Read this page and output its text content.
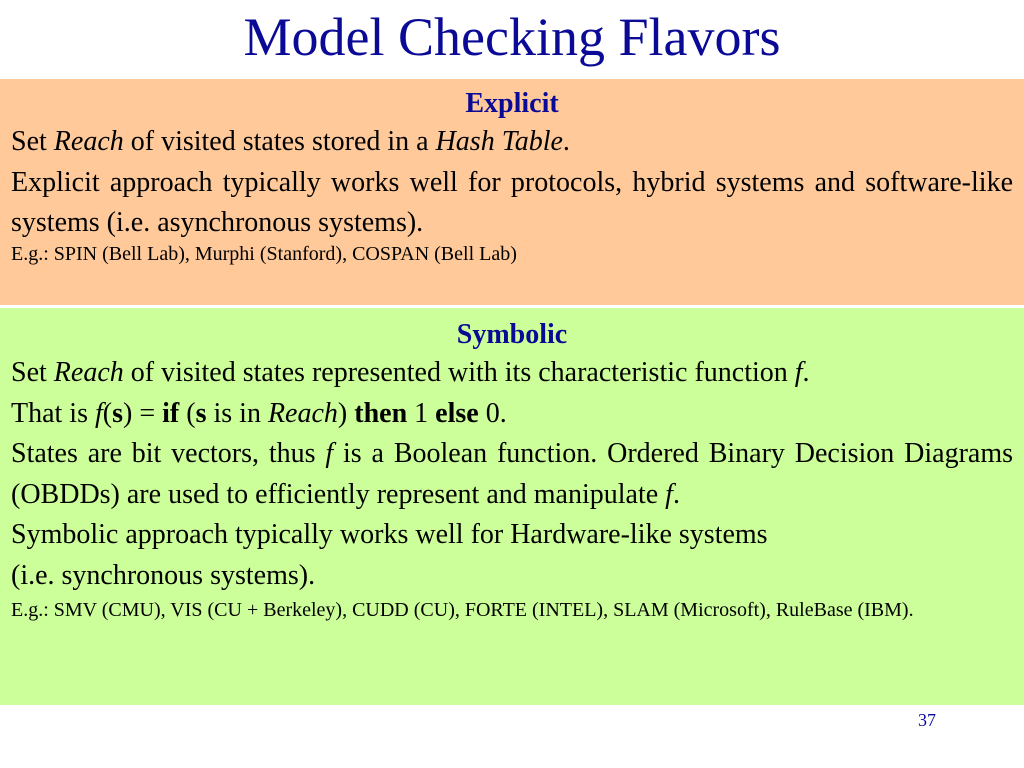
Model Checking Flavors
Explicit
Set Reach of visited states stored in a Hash Table.
Explicit approach typically works well for protocols, hybrid systems and software-like systems (i.e. asynchronous systems).
E.g.: SPIN (Bell Lab), Murphi (Stanford), COSPAN (Bell Lab)
Symbolic
Set Reach of visited states represented with its characteristic function f.
That is f(s) = if (s is in Reach) then 1 else 0.
States are bit vectors, thus f is a Boolean function. Ordered Binary Decision Diagrams (OBDDs) are used to efficiently represent and manipulate f.
Symbolic approach typically works well for Hardware-like systems
(i.e. synchronous systems).
E.g.: SMV (CMU), VIS (CU + Berkeley), CUDD (CU), FORTE (INTEL), SLAM (Microsoft), RuleBase (IBM).
37
